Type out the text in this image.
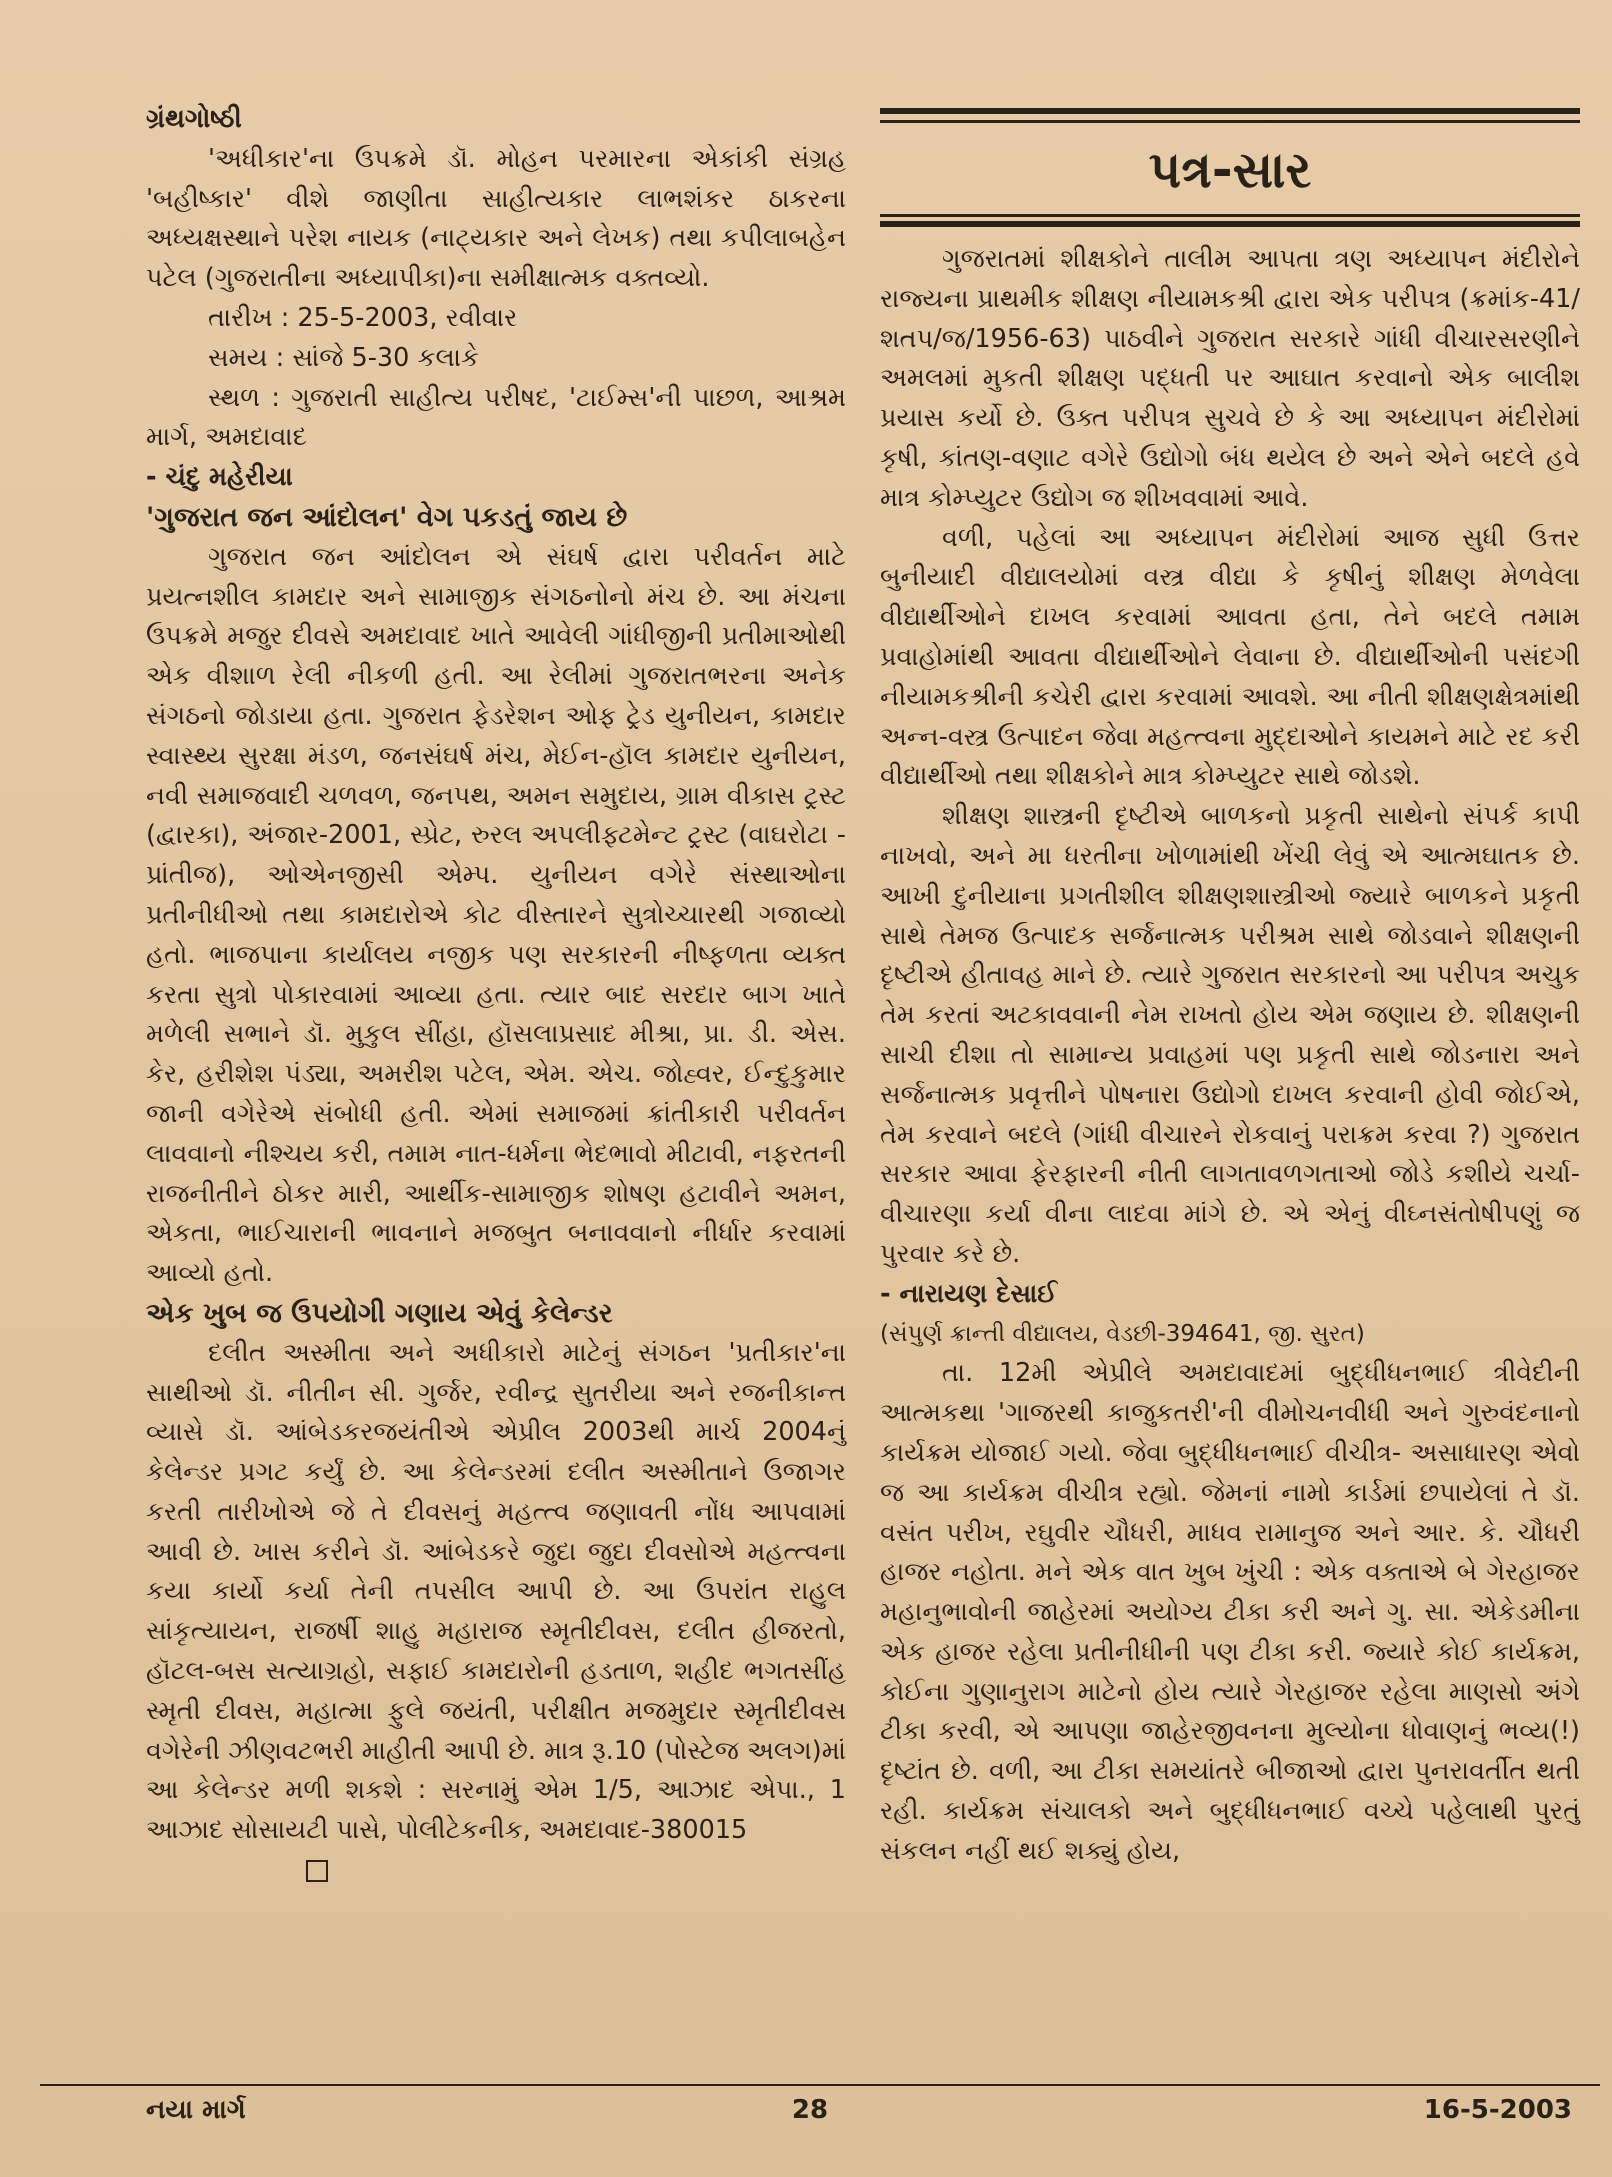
ગ્રંથગોષ્ઠી

'અધીકાર'ના ઉપક્રમે ડૉ. મોહન પરમારના એકાંકી સંગ્રહ 'બહીષ્કાર' વીશે જાણીતા સાહીત્યકાર લાભશંકર ઠાકરના અધ્યક્ષસ્થાને પરેશ નાયક (નાટ્યકાર અને લેખક) તથા કપીલાબહેન પટેલ (ગુજરાતીના અધ્યાપીકા)ના સમીક્ષાત્મક વક્તવ્યો.

તારીખ : 25-5-2003, રવીવાર

સમય : સાંજે 5-30 કલાકે

સ્થળ : ગુજરાતી સાહીત્ય પરીષદ, 'ટાઈમ્સ'ની પાછળ, આશ્રમ માર્ગ, અમદાવાદ

- ચંદુ મહેરીયા

'ગુજરાત જન આંદોલન' વેગ પકડતું જાય છે

ગુજરાત જન આંદોલન એ સંઘર્ષ દ્વારા પરીવર્તન માટે પ્રયત્નશીલ કામદાર અને સામાજીક સંગઠનોનો મંચ છે. આ મંચના ઉપક્રમે મજુર દીવસે અમદાવાદ ખાતે આવેલી ગાંધીજીની પ્રતીમાઓથી એક વીશાળ રેલી નીકળી હતી. આ રેલીમાં ગુજરાતભરના અનેક સંગઠનો જોડાયા હતા. ગુજરાત ફેડરેશન ઓફ ટ્રેડ યુનીયન, કામદાર સ્વાસ્થ્ય સુરક્ષા મંડળ, જનસંઘર્ષ મંચ, મેઈન-હૉલ કામદાર યુનીયન, નવી સમાજવાદી ચળવળ, જનપથ, અમન સમુદાય, ગ્રામ વીકાસ ટ્રસ્ટ (દ્વારકા), અંજાર-2001, સ્પ્રેટ, રુરલ અપલીફ્ટમેન્ટ ટ્રસ્ટ (વાઘરોટા - પ્રાંતીજ), ઓએનજીસી એમ્પ. યુનીયન વગેરે સંસ્થાઓના પ્રતીનીધીઓ તથા કામદારોએ કોટ વીસ્તારને સુત્રોચ્ચારથી ગજાવ્યો હતો. ભાજપાના કાર્યાલય નજીક પણ સરકારની નીષ્ફળતા વ્યક્ત કરતા સુત્રો પોકારવામાં આવ્યા હતા. ત્યાર બાદ સરદાર બાગ ખાતે મળેલી સભાને ડૉ. મુકુલ સીંહા, હૉસલાપ્રસાદ મીશ્રા, પ્રા. ડી. એસ. કેર, હરીશેશ પંડ્યા, અમરીશ પટેલ, એમ. એચ. જોહ્વર, ઈન્દુકુમાર જાની વગેરેએ સંબોધી હતી. એમાં સમાજમાં ક્રાંતીકારી પરીવર્તન લાવવાનો નીશ્ચય કરી, તમામ નાત-ધર્મના ભેદભાવો મીટાવી, નફરતની રાજનીતીને ઠોકર મારી, આર્થીક-સામાજીક શોષણ હટાવીને અમન, એકતા, ભાઈચારાની ભાવનાને મજબુત બનાવવાનો નીર્ધાર કરવામાં આવ્યો હતો.

એક ખુબ જ ઉપયોગી ગણાય એવું કેલેન્ડર

દલીત અસ્મીતા અને અધીકારો માટેનું સંગઠન 'પ્રતીકાર'ના સાથીઓ ડૉ. નીતીન સી. ગુર્જર, રવીન્દ્ર સુતરીયા અને રજનીકાન્ત વ્યાસે ડૉ. આંબેડકરજયંતીએ એપ્રીલ 2003થી માર્ચ 2004નું કેલેન્ડર પ્રગટ કર્યું છે. આ કેલેન્ડરમાં દલીત અસ્મીતાને ઉજાગર કરતી તારીખોએ જે તે દીવસનું મહત્ત્વ જણાવતી નોંધ આપવામાં આવી છે. ખાસ કરીને ડૉ. આંબેડકરે જુદા જુદા દીવસોએ મહત્ત્વના કયા કાર્યો કર્યા તેની તપસીલ આપી છે. આ ઉપરાંત રાહુલ સાંકૃત્યાયન, રાજર્ષી શાહુ મહારાજ સ્મૃતીદીવસ, દલીત હીજરતો, હૉટલ-બસ સત્યાગ્રહો, સફાઈ કામદારોની હડતાળ, શહીદ ભગતસીંહ સ્મૃતી દીવસ, મહાત્મા ફુલે જયંતી, પરીક્ષીત મજમુદાર સ્મૃતીદીવસ વગેરેની ઝીણવટભરી માહીતી આપી છે. માત્ર રૂ.10 (પોસ્ટેજ અલગ)માં આ કેલેન્ડર મળી શકશે : સરનામું એમ 1/5, આઝાદ એપા., 1 આઝાદ સોસાયટી પાસે, પોલીટેકનીક, અમદાવાદ-380015

પત્ર-સાર

ગુજરાતમાં શીક્ષકોને તાલીમ આપતા ત્રણ અધ્યાપન મંદીરોને રાજ્યના પ્રાથમીક શીક્ષણ નીયામકશ્રી દ્વારા એક પરીપત્ર (ક્રમાંક-41/શતપ/જ/1956-63) પાઠવીને ગુજરાત સરકારે ગાંધી વીચારસરણીને અમલમાં મુકતી શીક્ષણ પદ્ધતી પર આઘાત કરવાનો એક બાલીશ પ્રયાસ કર્યો છે. ઉક્ત પરીપત્ર સુચવે છે કે આ અધ્યાપન મંદીરોમાં કૃષી, કાંતણ-વણાટ વગેરે ઉદ્યોગો બંધ થયેલ છે અને એને બદલે હવે માત્ર કોમ્પ્યુટર ઉદ્યોગ જ શીખવવામાં આવે.

વળી, પહેલાં આ અધ્યાપન મંદીરોમાં આજ સુધી ઉત્તર બુનીયાદી વીદ્યાલયોમાં વસ્ત્ર વીદ્યા કે કૃષીનું શીક્ષણ મેળવેલા વીદ્યાર્થીઓને દાખલ કરવામાં આવતા હતા, તેને બદલે તમામ પ્રવાહોમાંથી આવતા વીદ્યાર્થીઓને લેવાના છે. વીદ્યાર્થીઓની પસંદગી નીયામકશ્રીની કચેરી દ્વારા કરવામાં આવશે. આ નીતી શીક્ષણક્ષેત્રમાંથી અન્ન-વસ્ત્ર ઉત્પાદન જેવા મહત્ત્વના મુદ્દાઓને કાયમને માટે રદ કરી વીદ્યાર્થીઓ તથા શીક્ષકોને માત્ર કોમ્પ્યુટર સાથે જોડશે.

શીક્ષણ શાસ્ત્રની દૃષ્ટીએ બાળકનો પ્રકૃતી સાથેનો સંપર્ક કાપી નાખવો, અને મા ધરતીના ખોળામાંથી ખેંચી લેવું એ આત્મઘાતક છે. આખી દુનીયાના પ્રગતીશીલ શીક્ષણશાસ્ત્રીઓ જ્યારે બાળકને પ્રકૃતી સાથે તેમજ ઉત્પાદક સર્જનાત્મક પરીશ્રમ સાથે જોડવાને શીક્ષણની દૃષ્ટીએ હીતાવહ માને છે. ત્યારે ગુજરાત સરકારનો આ પરીપત્ર અચુક તેમ કરતાં અટકાવવાની નેમ રાખતો હોય એમ જણાય છે. શીક્ષણની સાચી દીશા તો સામાન્ય પ્રવાહમાં પણ પ્રકૃતી સાથે જોડનારા અને સર્જનાત્મક પ્રવૃત્તીને પોષનારા ઉદ્યોગો દાખલ કરવાની હોવી જોઈએ, તેમ કરવાને બદલે (ગાંધી વીચારને રોકવાનું પરાક્રમ કરવા ?) ગુજરાત સરકાર આવા ફેરફારની નીતી લાગતાવળગતાઓ જોડે કશીયે ચર્ચા-વીચારણા કર્યા વીના લાદવા માંગે છે. એ એનું વીઘ્નસંતોષીપણું જ પુરવાર કરે છે.

- નારાયણ દેસાઈ

(સંપુર્ણ ક્રાન્તી વીદ્યાલય, વેડછી-394641, જી. સુરત)

તા. 12મી એપ્રીલે અમદાવાદમાં બુદ્ધીધનભાઈ ત્રીવેદીની આત્મકથા 'ગાજરથી કાજુકતરી'ની વીમોચનવીધી અને ગુરુવંદનાનો કાર્યક્રમ યોજાઈ ગયો. જેવા બુદ્ધીધનભાઈ વીચીત્ર- અસાધારણ એવો જ આ કાર્યક્રમ વીચીત્ર રહ્યો. જેમનાં નામો કાર્ડમાં છપાયેલાં તે ડૉ. વસંત પરીખ, રઘુવીર ચૌધરી, માધવ રામાનુજ અને આર. કે. ચૌધરી હાજર નહોતા. મને એક વાત ખુબ ખુંચી : એક વક્તાએ બે ગેરહાજર મહાનુભાવોની જાહેરમાં અયોગ્ય ટીકા કરી અને ગુ. સા. એકેડમીના એક હાજર રહેલા પ્રતીનીધીની પણ ટીકા કરી. જ્યારે કોઈ કાર્યક્રમ, કોઈના ગુણાનુરાગ માટેનો હોય ત્યારે ગેરહાજર રહેલા માણસો અંગે ટીકા કરવી, એ આપણા જાહેરજીવનના મુલ્યોના ધોવાણનું ભવ્ય(!) દૃષ્ટાંત છે. વળી, આ ટીકા સમયાંતરે બીજાઓ દ્વારા પુનરાવર્તીત થતી રહી. કાર્યક્રમ સંચાલકો અને બુદ્ધીધનભાઈ વચ્ચે પહેલાથી પુરતું સંકલન નહીં થઈ શક્યું હોય,

નયા માર્ગ	28	16-5-2003
